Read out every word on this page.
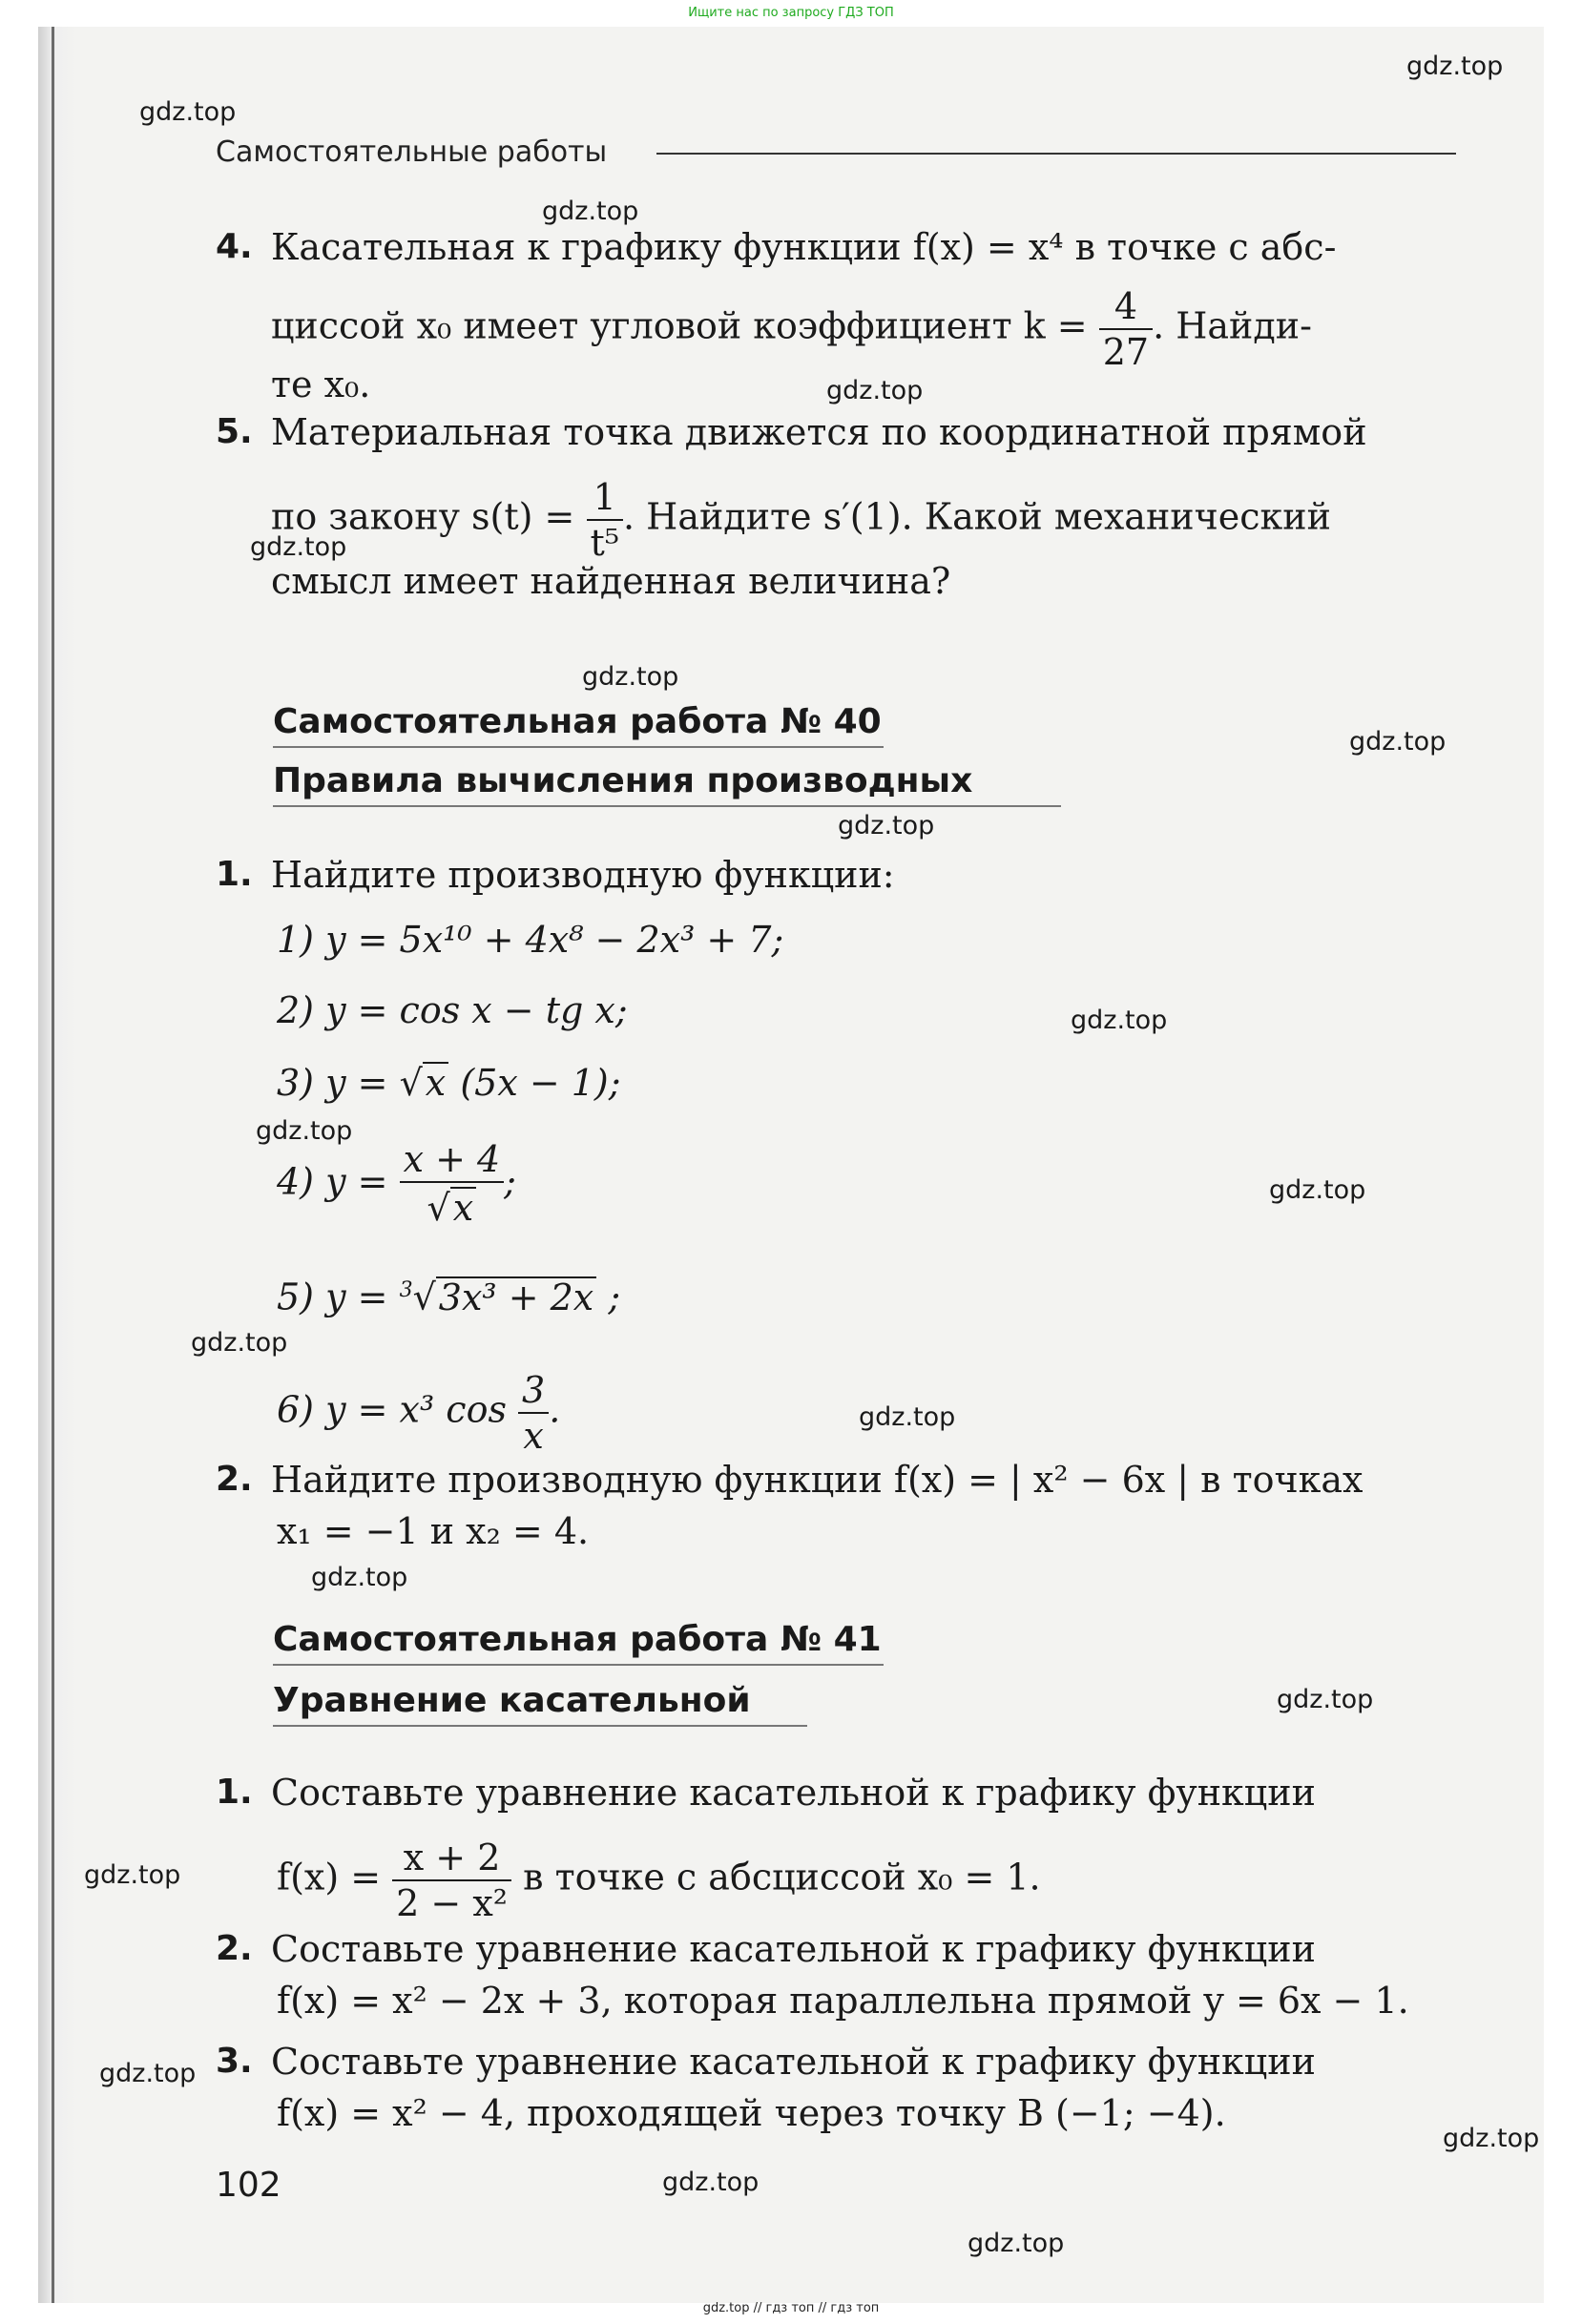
Ищите нас по запросу ГДЗ ТОП
Самостоятельные работы
4. Касательная к графику функции f(x) = x⁴ в точке с абс-
циссой x₀ имеет угловой коэффициент $k = \frac{4}{27}$ . Найди-
те x₀.
5. Материальная точка движется по координатной прямой
по закону $s(t) = \frac{1}{\text{t⁵}}$ . Найдите s′(1). Какой механический
смысл имеет найденная величина?
Самостоятельная работа № 40
Правила вычисления производных
1. Найдите производную функции:
1) y = 5x¹⁰ + 4x⁸ − 2x³ + 7;
2) y = cos x − tg x;
3) y = √x (5x − 1);
4) $y = \frac{x + 4}{√x}$ ;
5) y = $^3$√3x³ + 2x ;
6) y = x³ $\cos \frac{3}{x}$ .
2. Найдите производную функции f(x) = | x² − 6x | в точках
x₁ = −1 и x₂ = 4.
Самостоятельная работа № 41
Уравнение касательной
1. Составьте уравнение касательной к графику функции
$f(x) = \frac{x + 2}{\text{2 − x²}}$ в точке с абсциссой x₀ = 1.
2. Составьте уравнение касательной к графику функции
f(x) = x² − 2x + 3, которая параллельна прямой y = 6x − 1.
3. Составьте уравнение касательной к графику функции
f(x) = x² − 4, проходящей через точку B (−1; −4).
102
gdz.top
gdz.top
gdz.top
gdz.top
gdz.top
gdz.top
gdz.top
gdz.top
gdz.top
gdz.top
gdz.top
gdz.top
gdz.top
gdz.top
gdz.top
gdz.top
gdz.top
gdz.top
gdz.top
gdz.top
gdz.top // гдз топ // гдз топ
